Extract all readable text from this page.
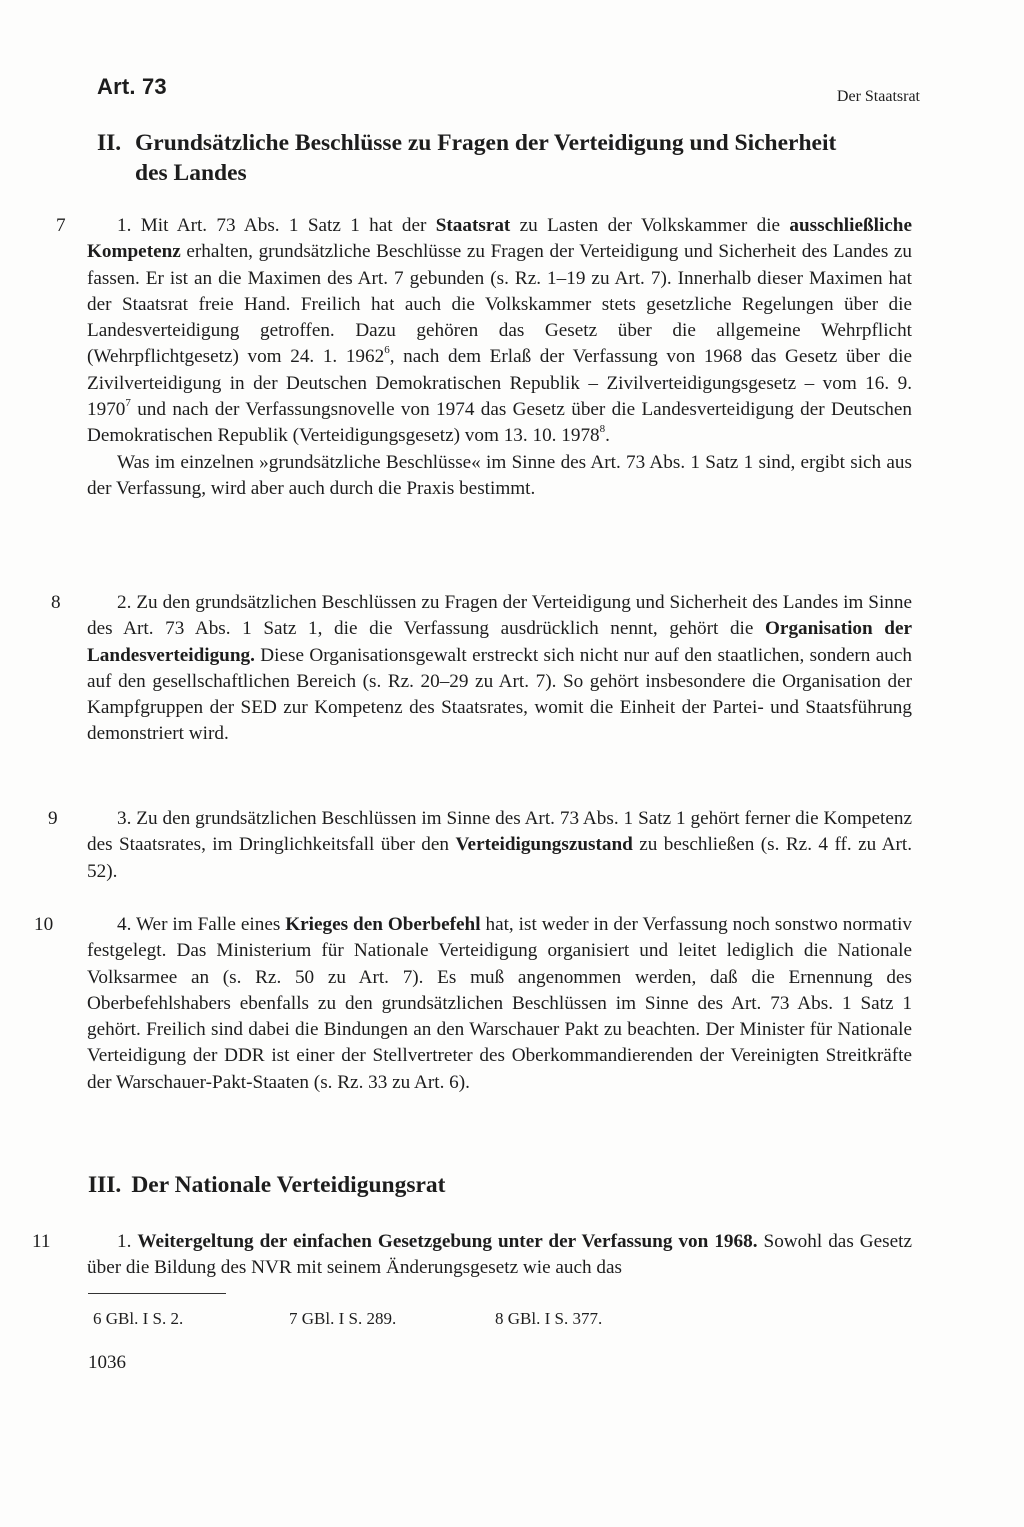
Art. 73	Der Staatsrat
II. Grundsätzliche Beschlüsse zu Fragen der Verteidigung und Sicherheit
des Landes
7	1. Mit Art. 73 Abs. 1 Satz 1 hat der Staatsrat zu Lasten der Volkskammer die ausschließliche Kompetenz erhalten, grundsätzliche Beschlüsse zu Fragen der Verteidigung und Sicherheit des Landes zu fassen. Er ist an die Maximen des Art. 7 gebunden (s. Rz. 1–19 zu Art. 7). Innerhalb dieser Maximen hat der Staatsrat freie Hand. Freilich hat auch die Volkskammer stets gesetzliche Regelungen über die Landesverteidigung getroffen. Dazu gehören das Gesetz über die allgemeine Wehrpflicht (Wehrpflichtgesetz) vom 24. 1. 1962$^6$, nach dem Erlaß der Verfassung von 1968 das Gesetz über die Zivilverteidigung in der Deutschen Demokratischen Republik – Zivilverteidigungsgesetz – vom 16. 9. 1970$^7$ und nach der Verfassungsnovelle von 1974 das Gesetz über die Landesverteidigung der Deutschen Demokratischen Republik (Verteidigungsgesetz) vom 13. 10. 1978$^8$.

Was im einzelnen »grundsätzliche Beschlüsse« im Sinne des Art. 73 Abs. 1 Satz 1 sind, ergibt sich aus der Verfassung, wird aber auch durch die Praxis bestimmt.

8	2. Zu den grundsätzlichen Beschlüssen zu Fragen der Verteidigung und Sicherheit des Landes im Sinne des Art. 73 Abs. 1 Satz 1, die die Verfassung ausdrücklich nennt, gehört die Organisation der Landesverteidigung. Diese Organisationsgewalt erstreckt sich nicht nur auf den staatlichen, sondern auch auf den gesellschaftlichen Bereich (s. Rz. 20–29 zu Art. 7). So gehört insbesondere die Organisation der Kampfgruppen der SED zur Kompetenz des Staatsrates, womit die Einheit der Partei- und Staatsführung demonstriert wird.

9	3. Zu den grundsätzlichen Beschlüssen im Sinne des Art. 73 Abs. 1 Satz 1 gehört ferner die Kompetenz des Staatsrates, im Dringlichkeitsfall über den Verteidigungszustand zu beschließen (s. Rz. 4 ff. zu Art. 52).

10	4. Wer im Falle eines Krieges den Oberbefehl hat, ist weder in der Verfassung noch sonstwo normativ festgelegt. Das Ministerium für Nationale Verteidigung organisiert und leitet lediglich die Nationale Volksarmee an (s. Rz. 50 zu Art. 7). Es muß angenommen werden, daß die Ernennung des Oberbefehlshabers ebenfalls zu den grundsätzlichen Beschlüssen im Sinne des Art. 73 Abs. 1 Satz 1 gehört. Freilich sind dabei die Bindungen an den Warschauer Pakt zu beachten. Der Minister für Nationale Verteidigung der DDR ist einer der Stellvertreter des Oberkommandierenden der Vereinigten Streitkräfte der Warschauer-Pakt-Staaten (s. Rz. 33 zu Art. 6).

III. Der Nationale Verteidigungsrat
11	1. Weitergeltung der einfachen Gesetzgebung unter der Verfassung von 1968. Sowohl das Gesetz über die Bildung des NVR mit seinem Änderungsgesetz wie auch das

6 GBl. I S. 2.	7 GBl. I S. 289.	8 GBl. I S. 377.
1036
